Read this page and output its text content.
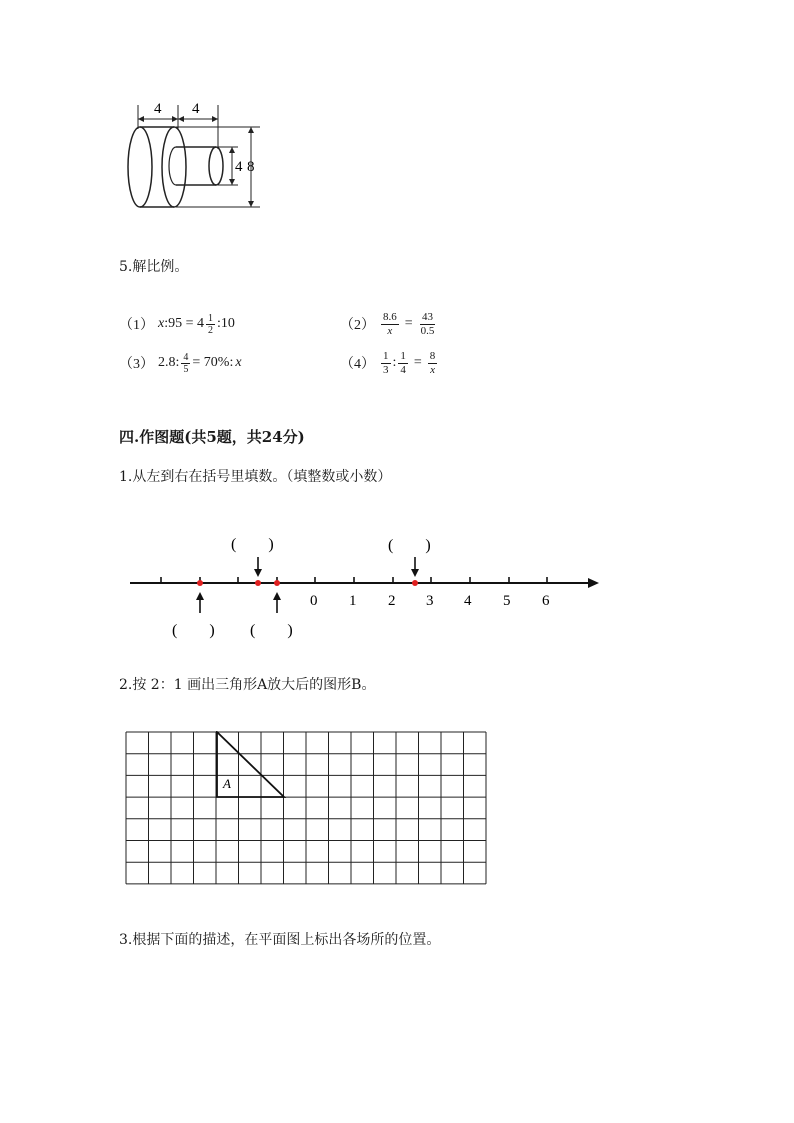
4 4
4 8
5.解比例。
（1） x :95 = $4 \frac{1}{2}$ :10	$(2) \frac{8.6}{x} = \frac{43}{0.5}$
（3） 2.8: $\frac{4}{5} = 70\%$: x	$(4) \frac{1}{3}$ : $\frac{1}{4} = \frac{8}{x}$
四.作图题(共5题，共24分)
1.从左到右在括号里填数。（填整数或小数）
0 1 2 3 4 5 6
(　　)	(　　)
(　　) (　　)
2.按 2：1 画出三角形A放大后的图形B。
A
3.根据下面的描述，在平面图上标出各场所的位置。
